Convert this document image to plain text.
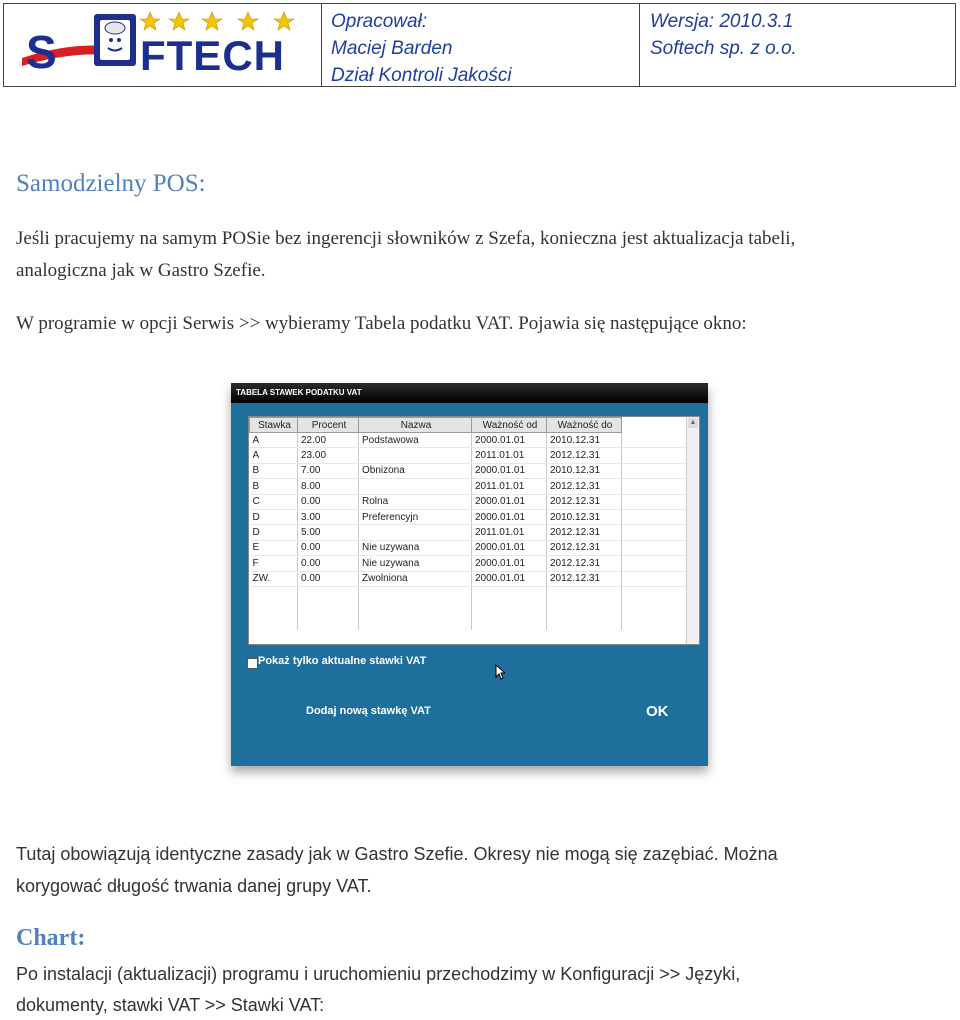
S FTECH
Opracował:
Maciej Barden
Dział Kontroli Jakości
Wersja: 2010.3.1
Softech sp. z o.o.
Samodzielny POS:
Jeśli pracujemy na samym POSie bez ingerencji słowników z Szefa, konieczna jest aktualizacja tabeli,
analogiczna jak w Gastro Szefie.
W programie w opcji Serwis >> wybieramy Tabela podatku VAT. Pojawia się następujące okno:
TABELA STAWEK PODATKU VAT
Stawka	Procent	Nazwa	Ważność od	Ważność do	
A	22.00	Podstawowa	2000.01.01	2010.12.31	
A	23.00		2011.01.01	2012.12.31	
B	7.00	Obnizona	2000.01.01	2010.12.31	
B	8.00		2011.01.01	2012.12.31	
C	0.00	Rolna	2000.01.01	2012.12.31	
D	3.00	Preferencyjn	2000.01.01	2010.12.31	
D	5.00		2011.01.01	2012.12.31	
E	0.00	Nie uzywana	2000.01.01	2012.12.31	
F	0.00	Nie uzywana	2000.01.01	2012.12.31	
ZW.	0.00	Zwolniona	2000.01.01	2012.12.31	

▲
Pokaż tylko aktualne stawki VAT
Dodaj nową stawkę VAT	OK
Tutaj obowiązują identyczne zasady jak w Gastro Szefie. Okresy nie mogą się zazębiać. Można
korygować długość trwania danej grupy VAT.
Chart:
Po instalacji (aktualizacji) programu i uruchomieniu przechodzimy w Konfiguracji >> Języki,
dokumenty, stawki VAT >> Stawki VAT:
